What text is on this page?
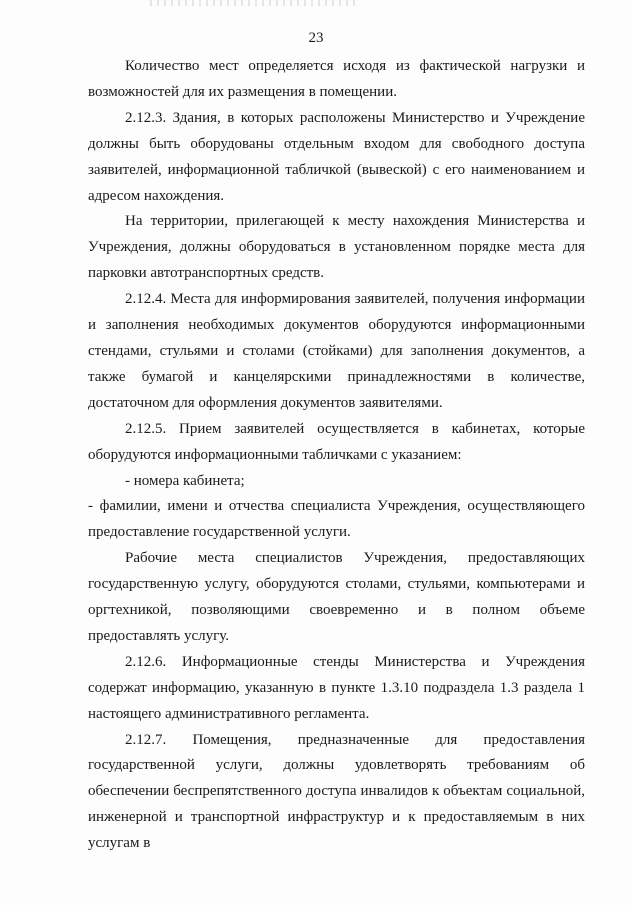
23

Количество мест определяется исходя из фактической нагрузки и возможностей для их размещения в помещении.

2.12.3. Здания, в которых расположены Министерство и Учреждение должны быть оборудованы отдельным входом для свободного доступа заявителей, информационной табличкой (вывеской) с его наименованием и адресом нахождения.

На территории, прилегающей к месту нахождения Министерства и Учреждения, должны оборудоваться в установленном порядке места для парковки автотранспортных средств.

2.12.4. Места для информирования заявителей, получения информации и заполнения необходимых документов оборудуются информационными стендами, стульями и столами (стойками) для заполнения документов, а также бумагой и канцелярскими принадлежностями в количестве, достаточном для оформления документов заявителями.

2.12.5. Прием заявителей осуществляется в кабинетах, которые оборудуются информационными табличками с указанием:

- номера кабинета;

- фамилии, имени и отчества специалиста Учреждения, осуществляющего предоставление государственной услуги.

Рабочие места специалистов Учреждения, предоставляющих государственную услугу, оборудуются столами, стульями, компьютерами и оргтехникой, позволяющими своевременно и в полном объеме предоставлять услугу.

2.12.6. Информационные стенды Министерства и Учреждения содержат информацию, указанную в пункте 1.3.10 подраздела 1.3 раздела 1 настоящего административного регламента.

2.12.7. Помещения, предназначенные для предоставления государственной услуги, должны удовлетворять требованиям об обеспечении беспрепятственного доступа инвалидов к объектам социальной, инженерной и транспортной инфраструктур и к предоставляемым в них услугам в
